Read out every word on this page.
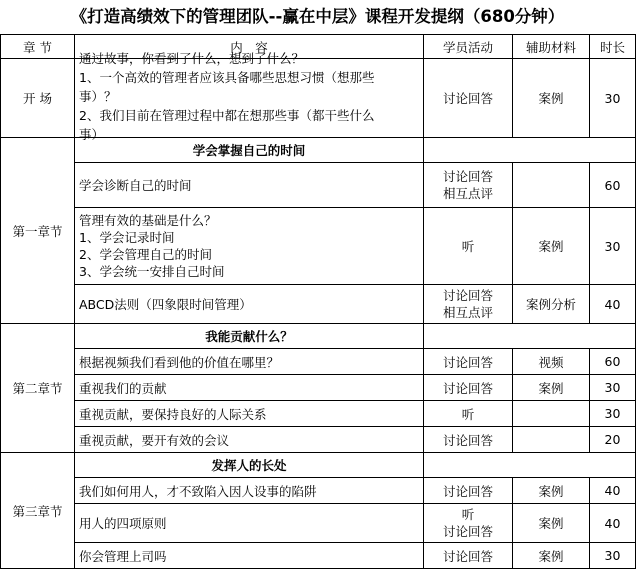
《打造高绩效下的管理团队--赢在中层》课程开发提纲（680分钟）
章 节	内　容	学员活动	辅助材料	时长
开 场	通过故事，你看到了什么，想到了什么？
1、一个高效的管理者应该具备哪些思想习惯（想那些
事）？
2、我们目前在管理过程中都在想那些事（都干些什么
事）	讨论回答	案例	30
第一章节	学会掌握自己的时间			
	学会诊断自己的时间	讨论回答
相互点评		60

	管理有效的基础是什么？
1、学会记录时间
2、学会管理自己的时间
3、学会统一安排自己时间	听	案例	30
	ABCD法则（四象限时间管理）	讨论回答
相互点评	案例分析	40
第二章节	我能贡献什么？			
	根据视频我们看到他的价值在哪里？	讨论回答	视频	60
	重视我们的贡献	讨论回答	案例	30
	重视贡献，要保持良好的人际关系	听		30
	重视贡献，要开有效的会议	讨论回答		20
第三章节	发挥人的长处			
	我们如何用人，才不致陷入因人设事的陷阱	讨论回答	案例	40
	用人的四项原则	听
讨论回答	案例	40
	你会管理上司吗	讨论回答	案例	30
